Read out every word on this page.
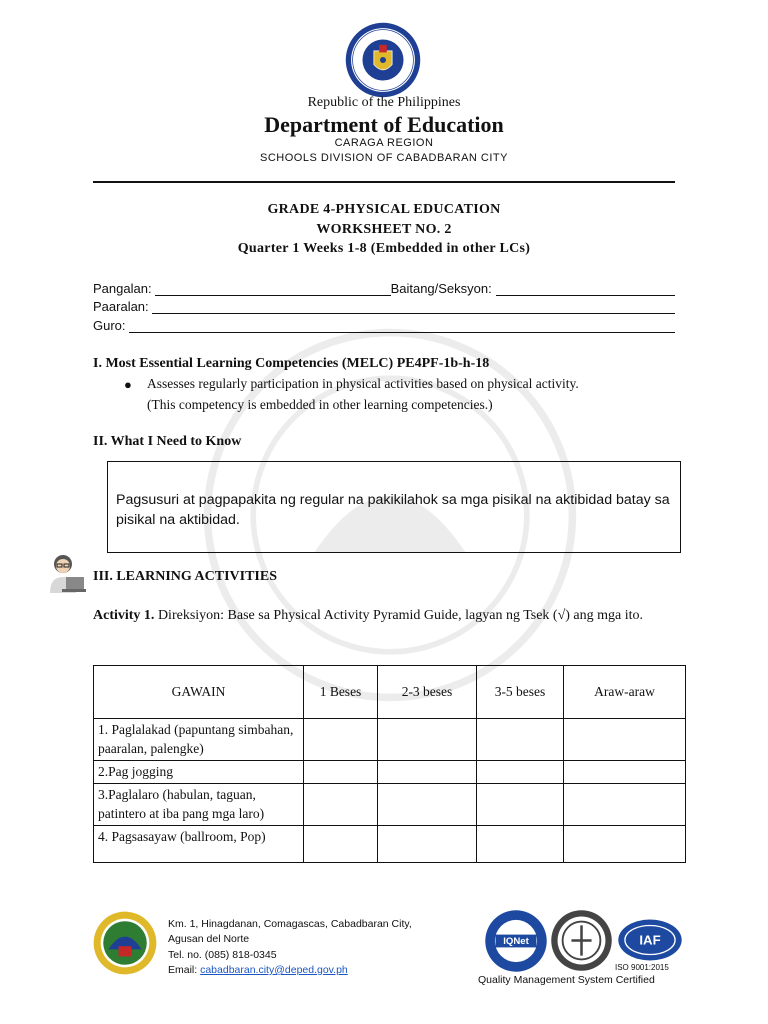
Republic of the Philippines
Department of Education
CARAGA REGION
SCHOOLS DIVISION OF CABADBARAN CITY
GRADE 4-PHYSICAL EDUCATION
WORKSHEET NO. 2
Quarter 1 Weeks 1-8 (Embedded in other LCs)
Pangalan:	Baitang/Seksyon:
Paaralan:
Guro:
I. Most Essential Learning Competencies (MELC) PE4PF-1b-h-18
● Assesses regularly participation in physical activities based on physical activity.
(This competency is embedded in other learning competencies.)
II. What I Need to Know
Pagsusuri at pagpapakita ng regular na pakikilahok sa mga pisikal na aktibidad batay sa pisikal na aktibidad.
III. LEARNING ACTIVITIES
Activity 1. Direksiyon: Base sa Physical Activity Pyramid Guide, lagyan ng Tsek (√) ang mga ito.
GAWAIN	1 Beses	2-3 beses	3-5 beses	Araw-araw
1. Paglalakad (papuntang simbahan, paaralan, palengke)				
2.Pag jogging				
3.Paglalaro (habulan, taguan, patintero at iba pang mga laro)				
4. Pagsasayaw (ballroom, Pop)				
Km. 1, Hinagdanan, Comagascas, Cabadbaran City,
Agusan del Norte
Tel. no. (085) 818-0345
Email: cabadbaran.city@deped.gov.ph
IQNet	IAF
ISO 9001:2015
Quality Management System Certified
